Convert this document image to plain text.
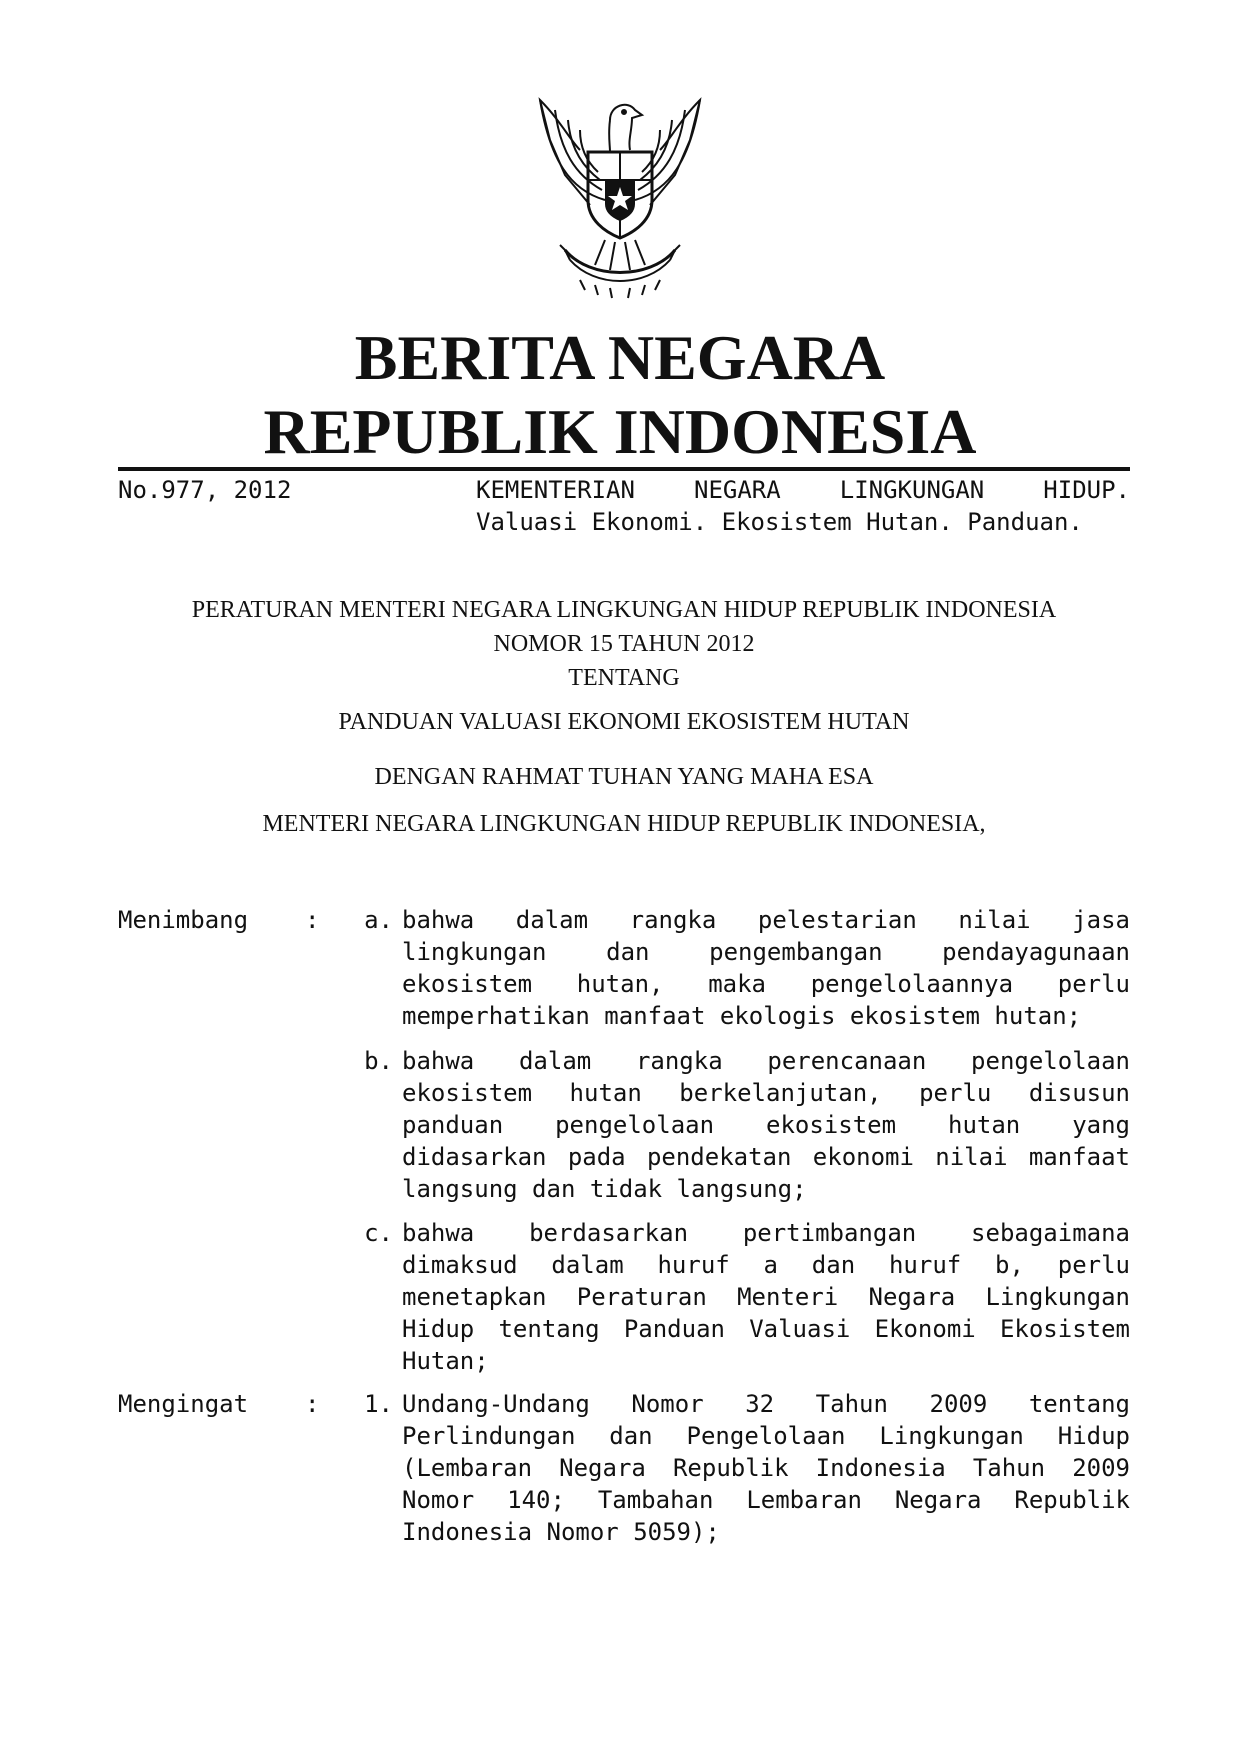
BERITA NEGARA
REPUBLIK INDONESIA
No.977, 2012	KEMENTERIAN NEGARA LINGKUNGAN HIDUP.
Valuasi Ekonomi. Ekosistem Hutan. Panduan.
PERATURAN MENTERI NEGARA LINGKUNGAN HIDUP REPUBLIK INDONESIA
NOMOR 15 TAHUN 2012
TENTANG
PANDUAN VALUASI EKONOMI EKOSISTEM HUTAN
DENGAN RAHMAT TUHAN YANG MAHA ESA
MENTERI NEGARA LINGKUNGAN HIDUP REPUBLIK INDONESIA,
Menimbang :	a. bahwa dalam rangka pelestarian nilai jasa lingkungan dan pengembangan pendayagunaan ekosistem hutan, maka pengelolaannya perlu memperhatikan manfaat ekologis ekosistem hutan;
b. bahwa dalam rangka perencanaan pengelolaan ekosistem hutan berkelanjutan, perlu disusun panduan pengelolaan ekosistem hutan yang didasarkan pada pendekatan ekonomi nilai manfaat langsung dan tidak langsung;
c. bahwa berdasarkan pertimbangan sebagaimana dimaksud dalam huruf a dan huruf b, perlu menetapkan Peraturan Menteri Negara Lingkungan Hidup tentang Panduan Valuasi Ekonomi Ekosistem Hutan;
Mengingat :	1. Undang-Undang Nomor 32 Tahun 2009 tentang Perlindungan dan Pengelolaan Lingkungan Hidup (Lembaran Negara Republik Indonesia Tahun 2009 Nomor 140; Tambahan Lembaran Negara Republik Indonesia Nomor 5059);
